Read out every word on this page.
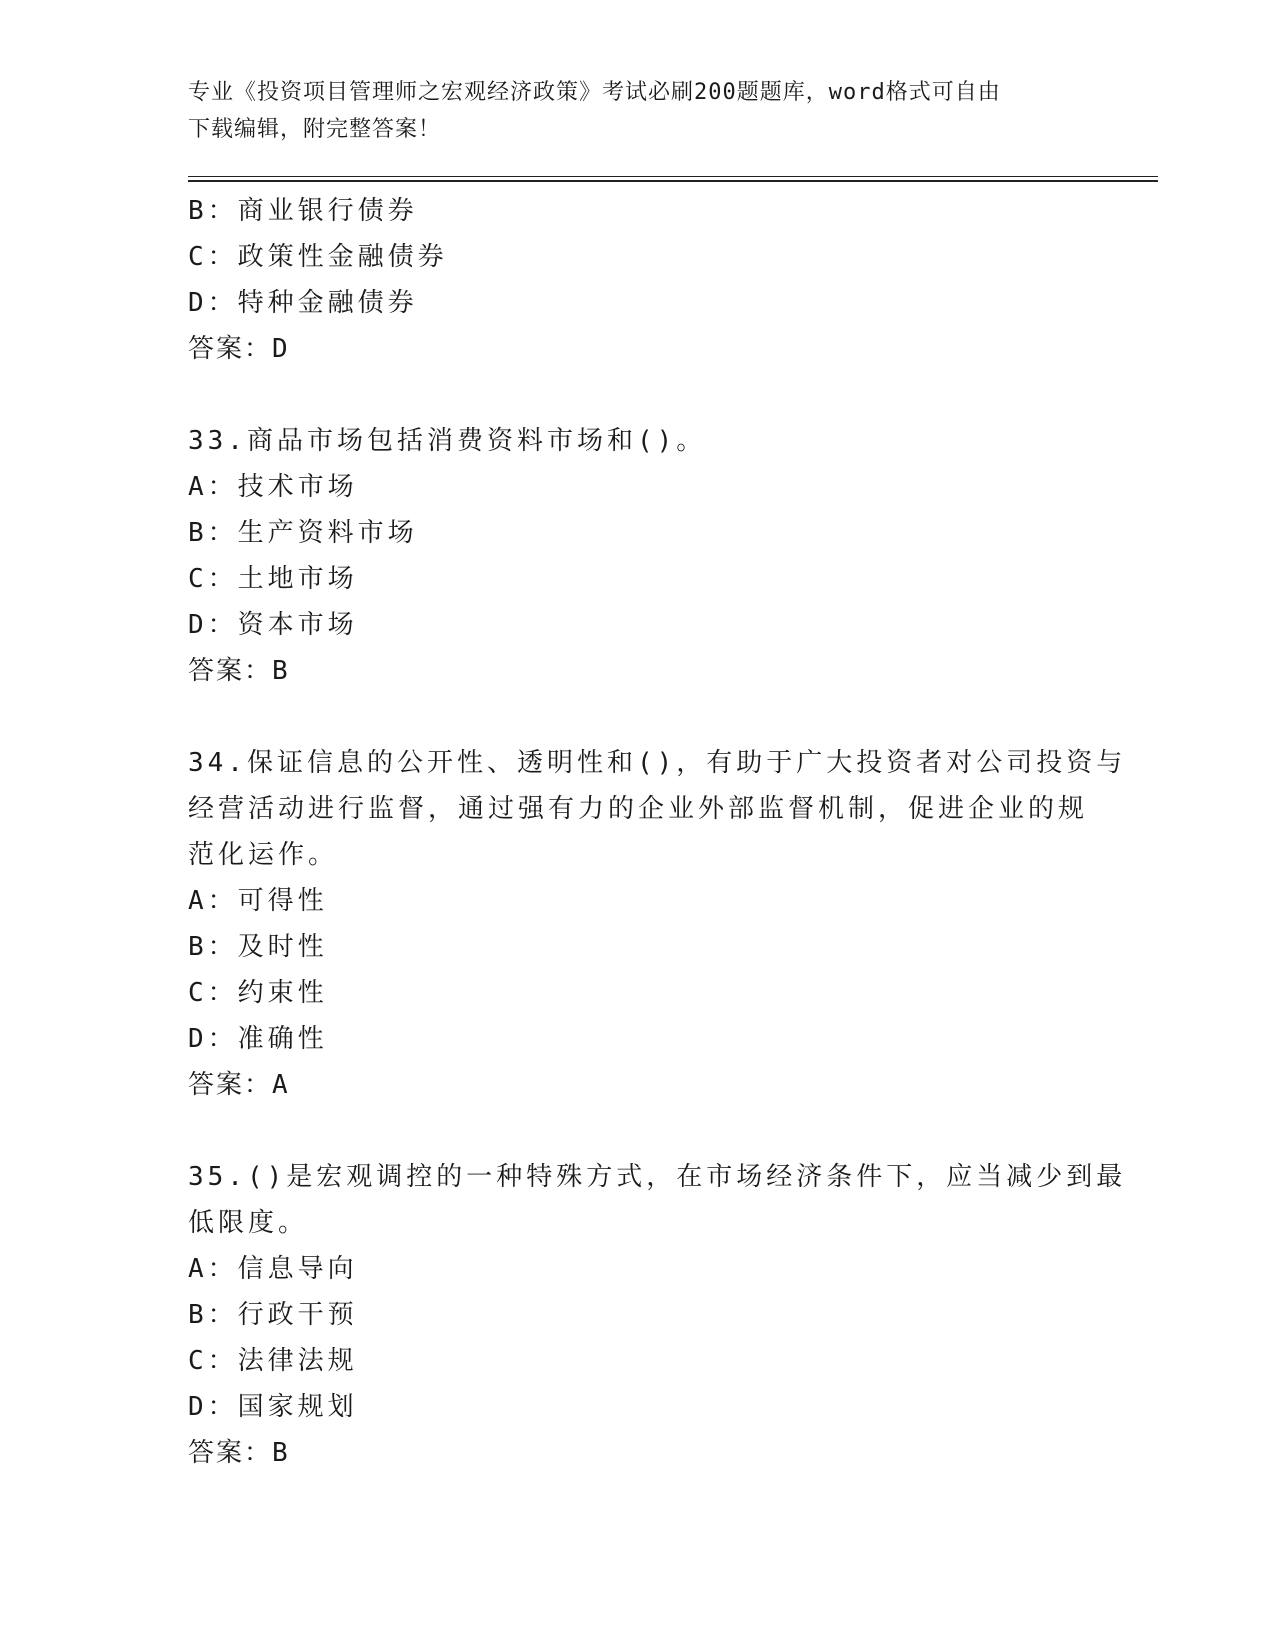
专业《投资项目管理师之宏观经济政策》考试必刷200题题库，word格式可自由
下载编辑，附完整答案！
B：商业银行债券
C：政策性金融债券
D：特种金融债券
答案：D
33.商品市场包括消费资料市场和()。
A：技术市场
B：生产资料市场
C：土地市场
D：资本市场
答案：B
34.保证信息的公开性、透明性和()，有助于广大投资者对公司投资与
经营活动进行监督，通过强有力的企业外部监督机制，促进企业的规
范化运作。
A：可得性
B：及时性
C：约束性
D：准确性
答案：A
35.()是宏观调控的一种特殊方式，在市场经济条件下，应当减少到最
低限度。
A：信息导向
B：行政干预
C：法律法规
D：国家规划
答案：B
